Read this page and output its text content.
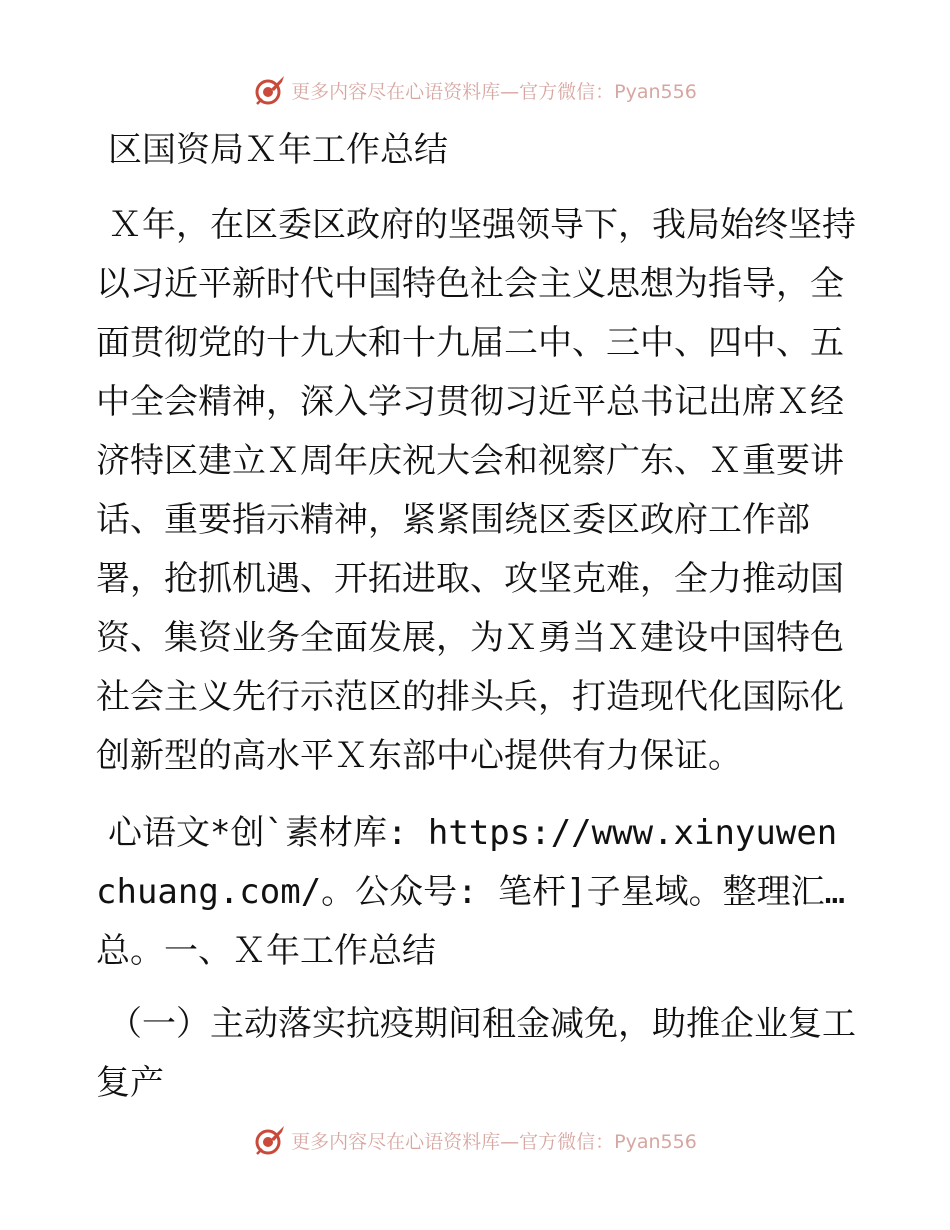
更多内容尽在心语资料库—官方微信：Pyan556
区国资局Ｘ年工作总结

Ｘ年，在区委区政府的坚强领导下，我局始终坚持以习近平新时代中国特色社会主义思想为指导，全面贯彻党的十九大和十九届二中、三中、四中、五中全会精神，深入学习贯彻习近平总书记出席Ｘ经济特区建立Ｘ周年庆祝大会和视察广东、Ｘ重要讲话、重要指示精神，紧紧围绕区委区政府工作部署，抢抓机遇、开拓进取、攻坚克难，全力推动国资、集资业务全面发展，为Ｘ勇当Ｘ建设中国特色社会主义先行示范区的排头兵，打造现代化国际化创新型的高水平Ｘ东部中心提供有力保证。

心语文*创`素材库: https://www.xinyuwenchuang.com/。公众号: 笔杆]子星域。整理汇…总。一、Ｘ年工作总结

（一）主动落实抗疫期间租金减免，助推企业复工复产

更多内容尽在心语资料库—官方微信：Pyan556
